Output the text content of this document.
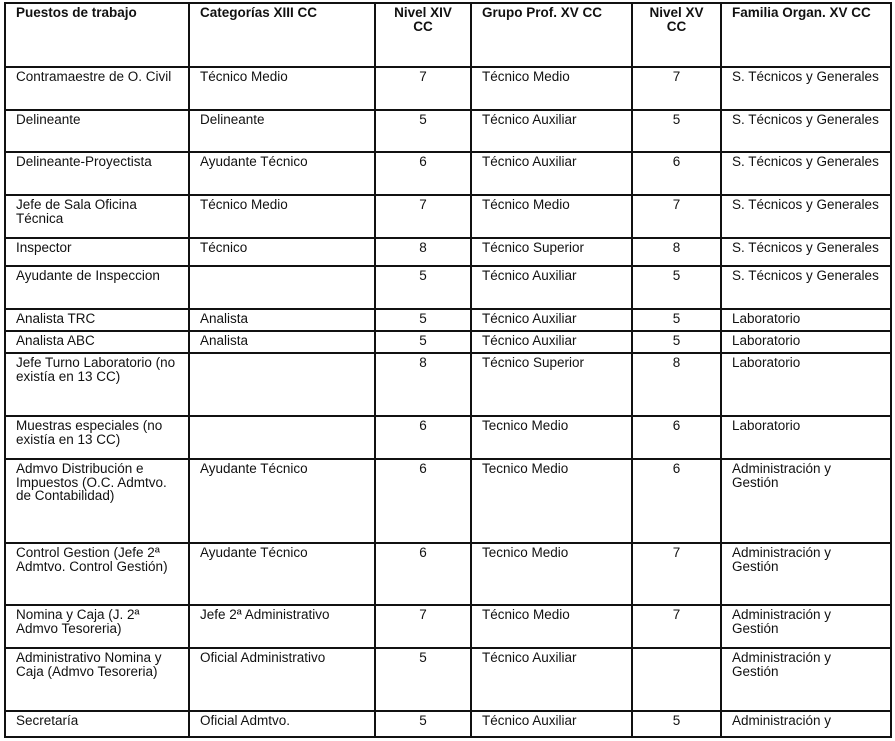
Puestos de trabajo	Categorías XIII CC	Nivel XIV CC	Grupo Prof. XV CC	Nivel XV CC	Familia Organ. XV CC
Contramaestre de O. Civil	Técnico Medio	7	Técnico Medio	7	S. Técnicos y Generales
Delineante	Delineante	5	Técnico Auxiliar	5	S. Técnicos y Generales
Delineante-Proyectista	Ayudante Técnico	6	Técnico Auxiliar	6	S. Técnicos y Generales
Jefe de Sala Oficina Técnica	Técnico Medio	7	Técnico Medio	7	S. Técnicos y Generales
Inspector	Técnico	8	Técnico Superior	8	S. Técnicos y Generales
Ayudante de Inspeccion		5	Técnico Auxiliar	5	S. Técnicos y Generales
Analista TRC	Analista	5	Técnico Auxiliar	5	Laboratorio
Analista ABC	Analista	5	Técnico Auxiliar	5	Laboratorio
Jefe Turno Laboratorio (no existía en 13 CC)		8	Técnico Superior	8	Laboratorio
Muestras especiales (no existía en 13 CC)		6	Tecnico Medio	6	Laboratorio
Admvo Distribución e Impuestos (O.C. Admtvo. de Contabilidad)	Ayudante Técnico	6	Tecnico Medio	6	Administración y Gestión
Control Gestion (Jefe 2ª Admtvo. Control Gestión)	Ayudante Técnico	6	Tecnico Medio	7	Administración y Gestión
Nomina y Caja (J. 2ª Admvo Tesoreria)	Jefe 2ª Administrativo	7	Técnico Medio	7	Administración y Gestión
Administrativo Nomina y Caja (Admvo Tesoreria)	Oficial Administrativo	5	Técnico Auxiliar		Administración y Gestión
Secretaría	Oficial Admtvo.	5	Técnico Auxiliar	5	Administración y
